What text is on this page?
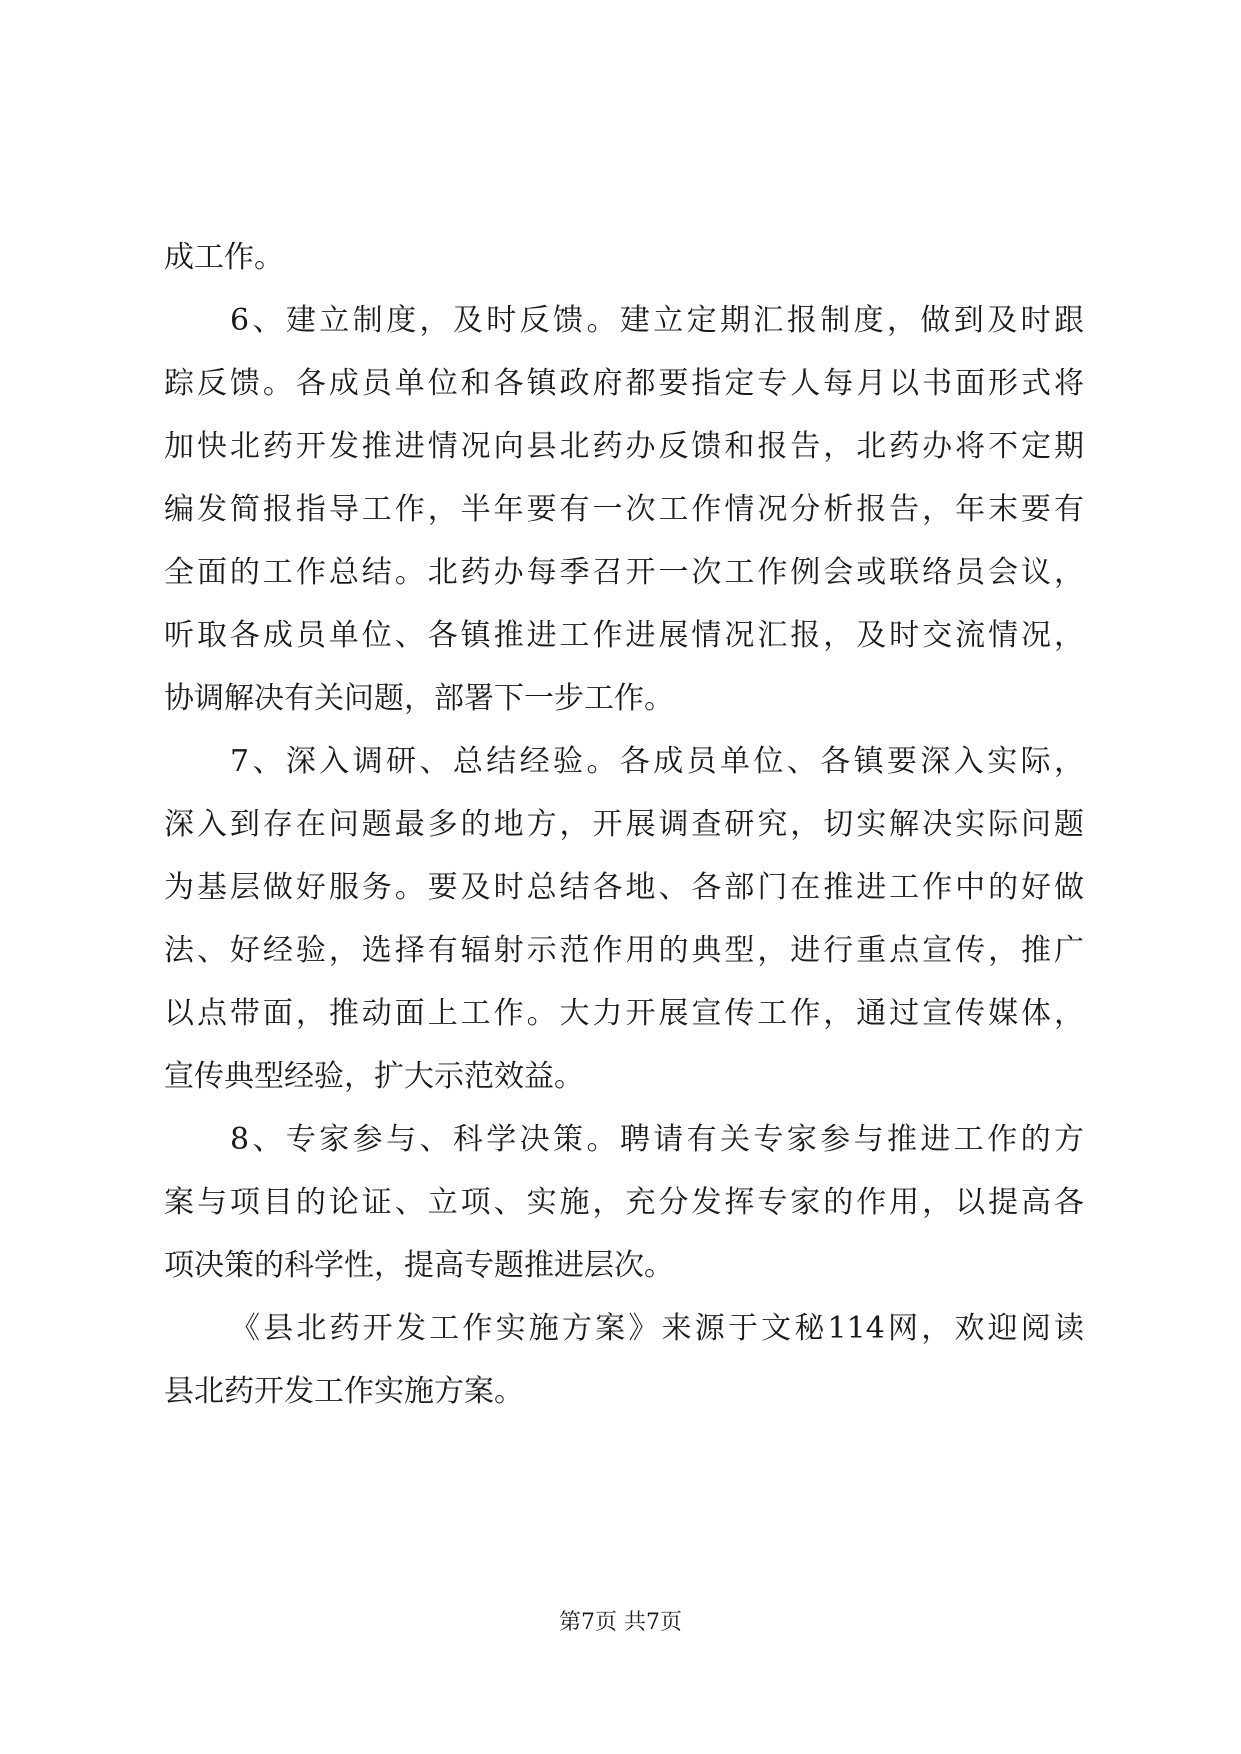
成工作。
6、建立制度，及时反馈。建立定期汇报制度，做到及时跟
踪反馈。各成员单位和各镇政府都要指定专人每月以书面形式将
加快北药开发推进情况向县北药办反馈和报告，北药办将不定期
编发简报指导工作，半年要有一次工作情况分析报告，年末要有
全面的工作总结。北药办每季召开一次工作例会或联络员会议，
听取各成员单位、各镇推进工作进展情况汇报，及时交流情况，
协调解决有关问题，部署下一步工作。
7、深入调研、总结经验。各成员单位、各镇要深入实际，
深入到存在问题最多的地方，开展调查研究，切实解决实际问题
为基层做好服务。要及时总结各地、各部门在推进工作中的好做
法、好经验，选择有辐射示范作用的典型，进行重点宣传，推广
以点带面，推动面上工作。大力开展宣传工作，通过宣传媒体，
宣传典型经验，扩大示范效益。
8、专家参与、科学决策。聘请有关专家参与推进工作的方
案与项目的论证、立项、实施，充分发挥专家的作用，以提高各
项决策的科学性，提高专题推进层次。
《县北药开发工作实施方案》来源于文秘114网，欢迎阅读
县北药开发工作实施方案。
第7页 共7页
